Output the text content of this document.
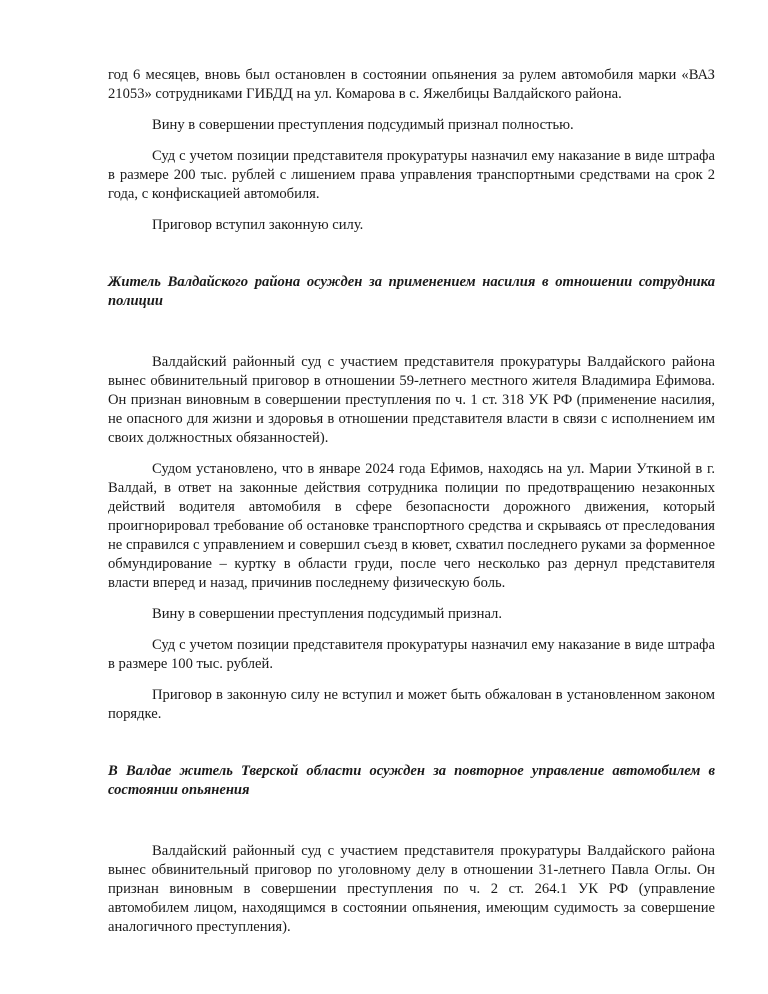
год 6 месяцев, вновь был остановлен в состоянии опьянения за рулем автомобиля марки «ВАЗ 21053» сотрудниками ГИБДД на ул. Комарова в с. Яжелбицы Валдайского района.

Вину в совершении преступления подсудимый признал полностью.

Суд с учетом позиции представителя прокуратуры назначил ему наказание в виде штрафа в размере 200 тыс. рублей с лишением права управления транспортными средствами на срок 2 года, с конфискацией автомобиля.

Приговор вступил законную силу.

Житель Валдайского района осужден за применением насилия в отношении сотрудника полиции

Валдайский районный суд с участием представителя прокуратуры Валдайского района вынес обвинительный приговор в отношении 59-летнего местного жителя Владимира Ефимова. Он признан виновным в совершении преступления по ч. 1 ст. 318 УК РФ (применение насилия, не опасного для жизни и здоровья в отношении представителя власти в связи с исполнением им своих должностных обязанностей).

Судом установлено, что в январе 2024 года Ефимов, находясь на ул. Марии Уткиной в г. Валдай, в ответ на законные действия сотрудника полиции по предотвращению незаконных действий водителя автомобиля в сфере безопасности дорожного движения, который проигнорировал требование об остановке транспортного средства и скрываясь от преследования не справился с управлением и совершил съезд в кювет, схватил последнего руками за форменное обмундирование – куртку в области груди, после чего несколько раз дернул представителя власти вперед и назад, причинив последнему физическую боль.

Вину в совершении преступления подсудимый признал.

Суд с учетом позиции представителя прокуратуры назначил ему наказание в виде штрафа в размере 100 тыс. рублей.

Приговор в законную силу не вступил и может быть обжалован в установленном законом порядке.

В Валдае житель Тверской области осужден за повторное управление автомобилем в состоянии опьянения

Валдайский районный суд с участием представителя прокуратуры Валдайского района вынес обвинительный приговор по уголовному делу в отношении 31-летнего Павла Оглы. Он признан виновным в совершении преступления по ч. 2 ст. 264.1 УК РФ (управление автомобилем лицом, находящимся в состоянии опьянения, имеющим судимость за совершение аналогичного преступления).
